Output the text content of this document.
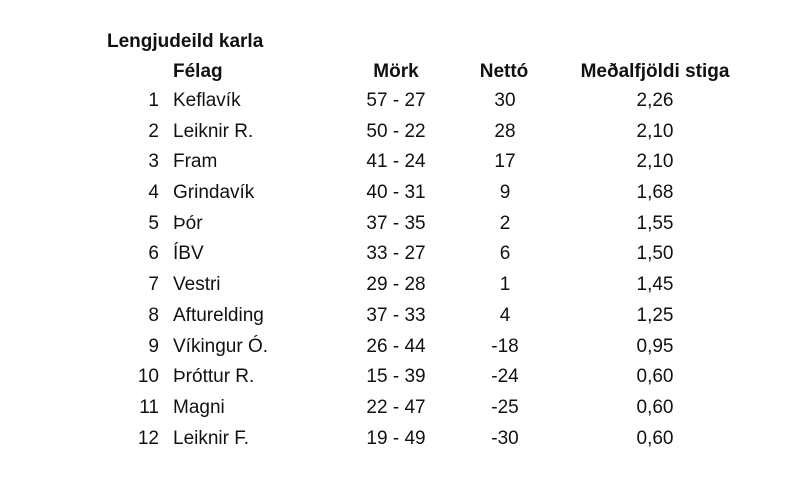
Lengjudeild karla
Félag	Mörk	Nettó	Meðalfjöldi stiga
1 Keflavík	57 - 27	30	2,26
2 Leiknir R.	50 - 22	28	2,10
3 Fram	41 - 24	17	2,10
4 Grindavík	40 - 31	9	1,68
5 Þór	37 - 35	2	1,55
6 ÍBV	33 - 27	6	1,50
7 Vestri	29 - 28	1	1,45
8 Afturelding	37 - 33	4	1,25
9 Víkingur Ó.	26 - 44	-18	0,95
10 Þróttur R.	15 - 39	-24	0,60
11 Magni	22 - 47	-25	0,60
12 Leiknir F.	19 - 49	-30	0,60
